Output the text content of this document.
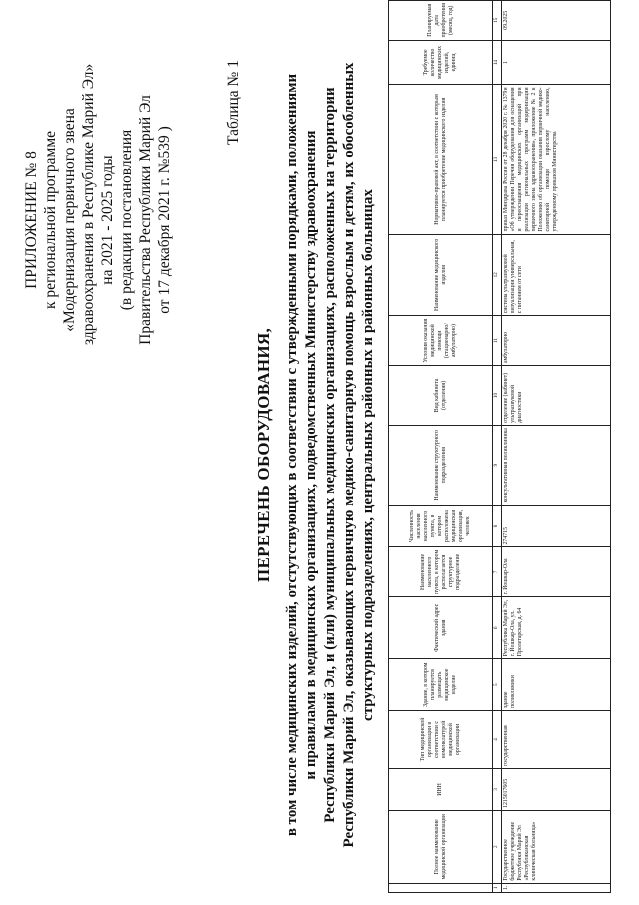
ПРИЛОЖЕНИЕ № 8 к региональной программе «Модернизация первичного звена здравоохранения в Республике Марий Эл» на 2021 - 2025 годы (в редакции постановления Правительства Республики Марий Эл от 17 декабря 2021 г. №539 )
Таблица № 1
ПЕРЕЧЕНЬ ОБОРУДОВАНИЯ, в том числе медицинских изделий, отстутствующих в соответствии с утвержденными порядками, положениями и правилами в медицинских организациях, подведомственных Министерству здравоохранения Республики Марий Эл, и (или) муниципальных медицинских организациях, расположенных на территории Республики Марий Эл, оказывающих первичную медико-санитарную помощь взрослым и детям, их обособленных структурных подразделениях, центральных районных и районных больницах
	Полное наименование медицинской организации	ИНН	Тип медицинской организации в соответствии с номенклатурой медицинской организации	Здание, в котором планируется размещать медицинское изделие	Фактический адрес здания	Наименование населенного пункта, в котором располагается структурное подразделение	Численность населения населенного пункта, в котором расположена медицинская организация, человек	Наименование структурного подразделения	Вид кабинета (отделения)	Условия оказания медицинской помощи (стационарно/амбулаторно)	Наименование медицинского изделия	Нормативно-правовой акт, в соответствии с которым планируется приобретение медицинского изделия	Требуемое количество медицинских изделий, единиц	Планируемая дата приобретения (месяц, год)
1	2	3	4	5	6	7	8	9	10	11	12	13	14	15
1.	Государственное бюджетное учреждение Республики Марий Эл «Республиканская клиническая больница»	1215017605	государственная	здание поликлиники	Республика Марий Эл, г. Йошкар-Ола, ул. Пролетарская, д. 64	г. Йошкар-Ола	274715	консультативная поликлиника	отделение (кабинет) ультразвуковой диагностики	амбулаторно	система ультразвуковой визуализации универсальная, с питанием от сети	приказ Минздрава России от 28 декабря 2020 г. № 1379н «Об утверждении Перечня оборудования для оснащения и переоснащения медицинских организаций при реализации региональных программ модернизации первичного звена здравоохранения», приложение № 2 к Положению об организации оказания первичной медико-санитарной помощи взрослому населению, утвержденному приказом Министерства	1	09.2025
